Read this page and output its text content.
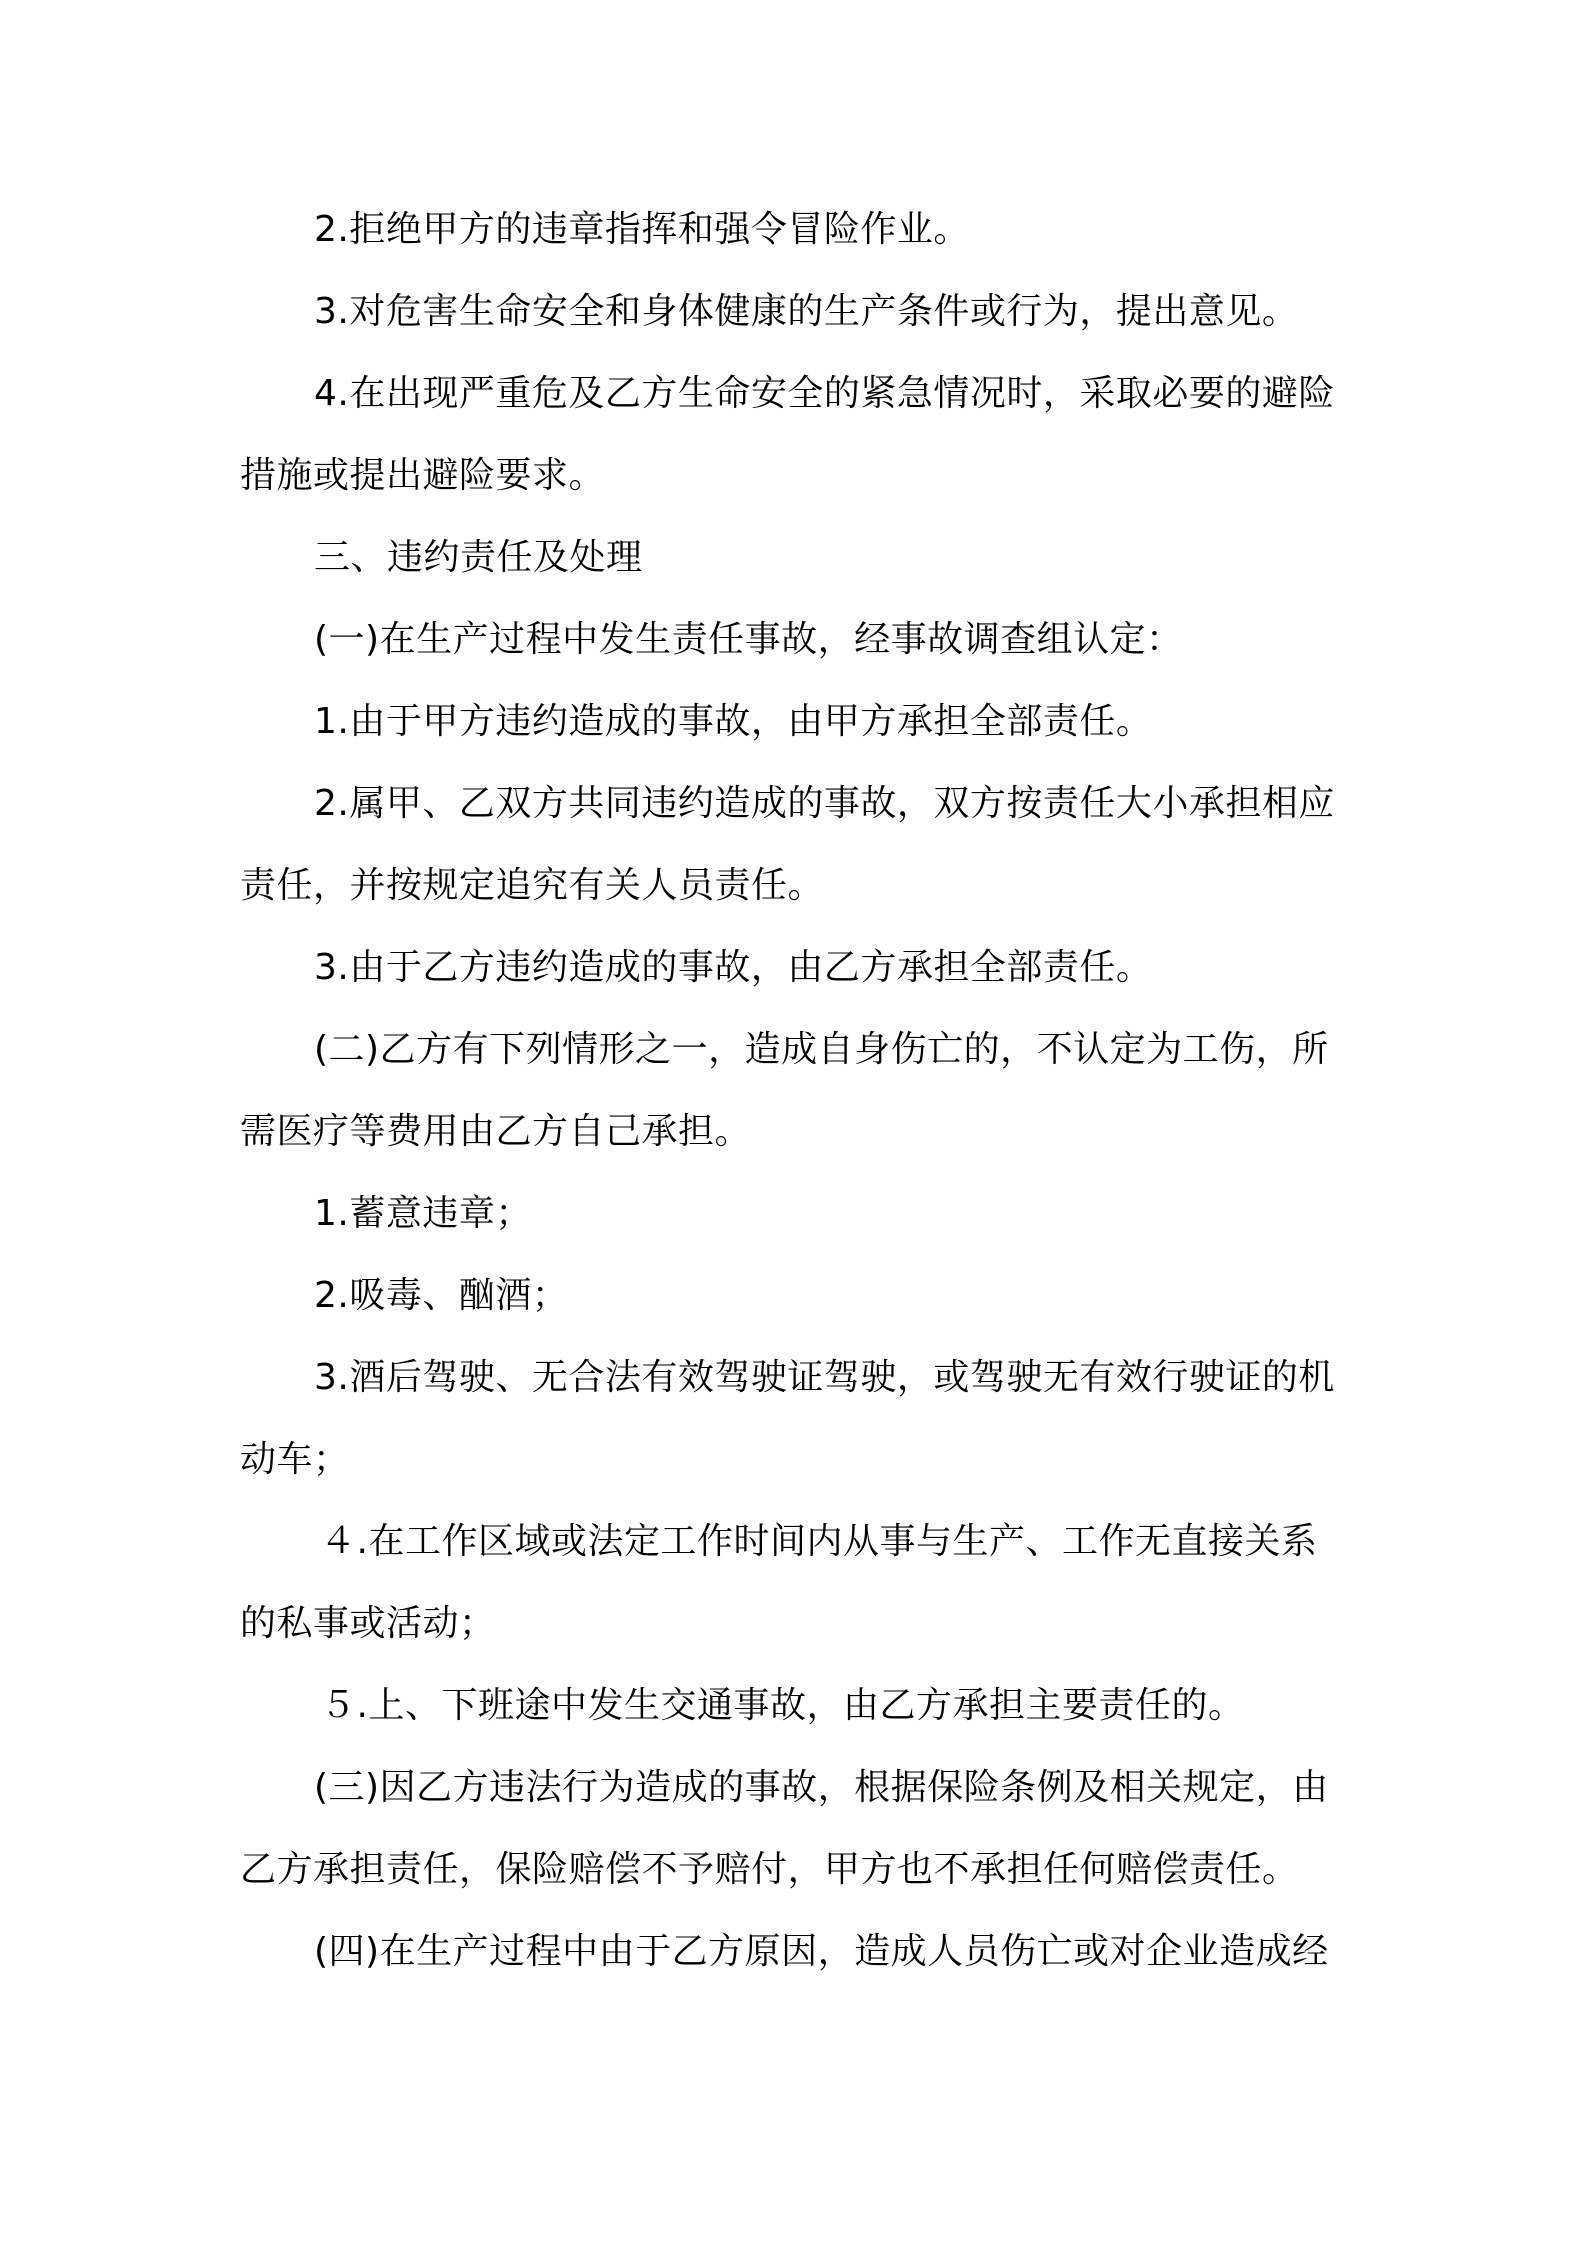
2.拒绝甲方的违章指挥和强令冒险作业。
3.对危害生命安全和身体健康的生产条件或行为，提出意见。
4.在出现严重危及乙方生命安全的紧急情况时，采取必要的避险
措施或提出避险要求。
三、违约责任及处理
(一)在生产过程中发生责任事故，经事故调查组认定：
1.由于甲方违约造成的事故，由甲方承担全部责任。
2.属甲、乙双方共同违约造成的事故，双方按责任大小承担相应
责任，并按规定追究有关人员责任。
3.由于乙方违约造成的事故，由乙方承担全部责任。
(二)乙方有下列情形之一，造成自身伤亡的，不认定为工伤，所
需医疗等费用由乙方自己承担。
1.蓄意违章；
2.吸毒、酗酒；
3.酒后驾驶、无合法有效驾驶证驾驶，或驾驶无有效行驶证的机
动车；
４.在工作区域或法定工作时间内从事与生产、工作无直接关系
的私事或活动；
５.上、下班途中发生交通事故，由乙方承担主要责任的。
(三)因乙方违法行为造成的事故，根据保险条例及相关规定，由
乙方承担责任，保险赔偿不予赔付，甲方也不承担任何赔偿责任。
(四)在生产过程中由于乙方原因，造成人员伤亡或对企业造成经
